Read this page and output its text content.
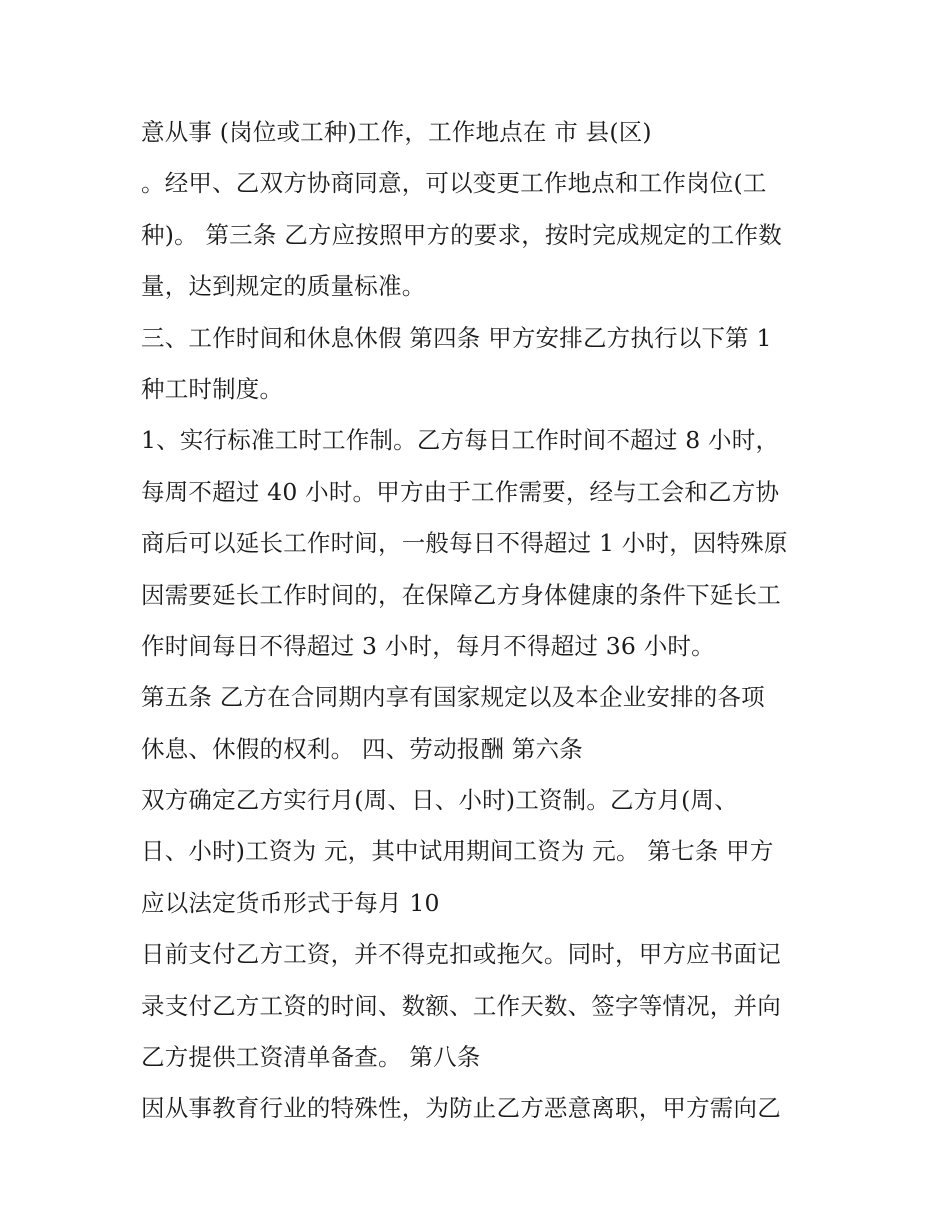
意从事 (岗位或工种)工作，工作地点在 市 县(区)
。经甲、乙双方协商同意，可以变更工作地点和工作岗位(工
种)。 第三条 乙方应按照甲方的要求，按时完成规定的工作数
量，达到规定的质量标准。
三、工作时间和休息休假 第四条 甲方安排乙方执行以下第 1
种工时制度。
1、实行标准工时工作制。乙方每日工作时间不超过 8 小时，
每周不超过 40 小时。甲方由于工作需要，经与工会和乙方协
商后可以延长工作时间，一般每日不得超过 1 小时，因特殊原
因需要延长工作时间的，在保障乙方身体健康的条件下延长工
作时间每日不得超过 3 小时，每月不得超过 36 小时。
第五条 乙方在合同期内享有国家规定以及本企业安排的各项
休息、休假的权利。 四、劳动报酬 第六条
双方确定乙方实行月(周、日、小时)工资制。乙方月(周、
日、小时)工资为 元，其中试用期间工资为 元。 第七条 甲方
应以法定货币形式于每月 10
日前支付乙方工资，并不得克扣或拖欠。同时，甲方应书面记
录支付乙方工资的时间、数额、工作天数、签字等情况，并向
乙方提供工资清单备查。 第八条
因从事教育行业的特殊性，为防止乙方恶意离职，甲方需向乙
